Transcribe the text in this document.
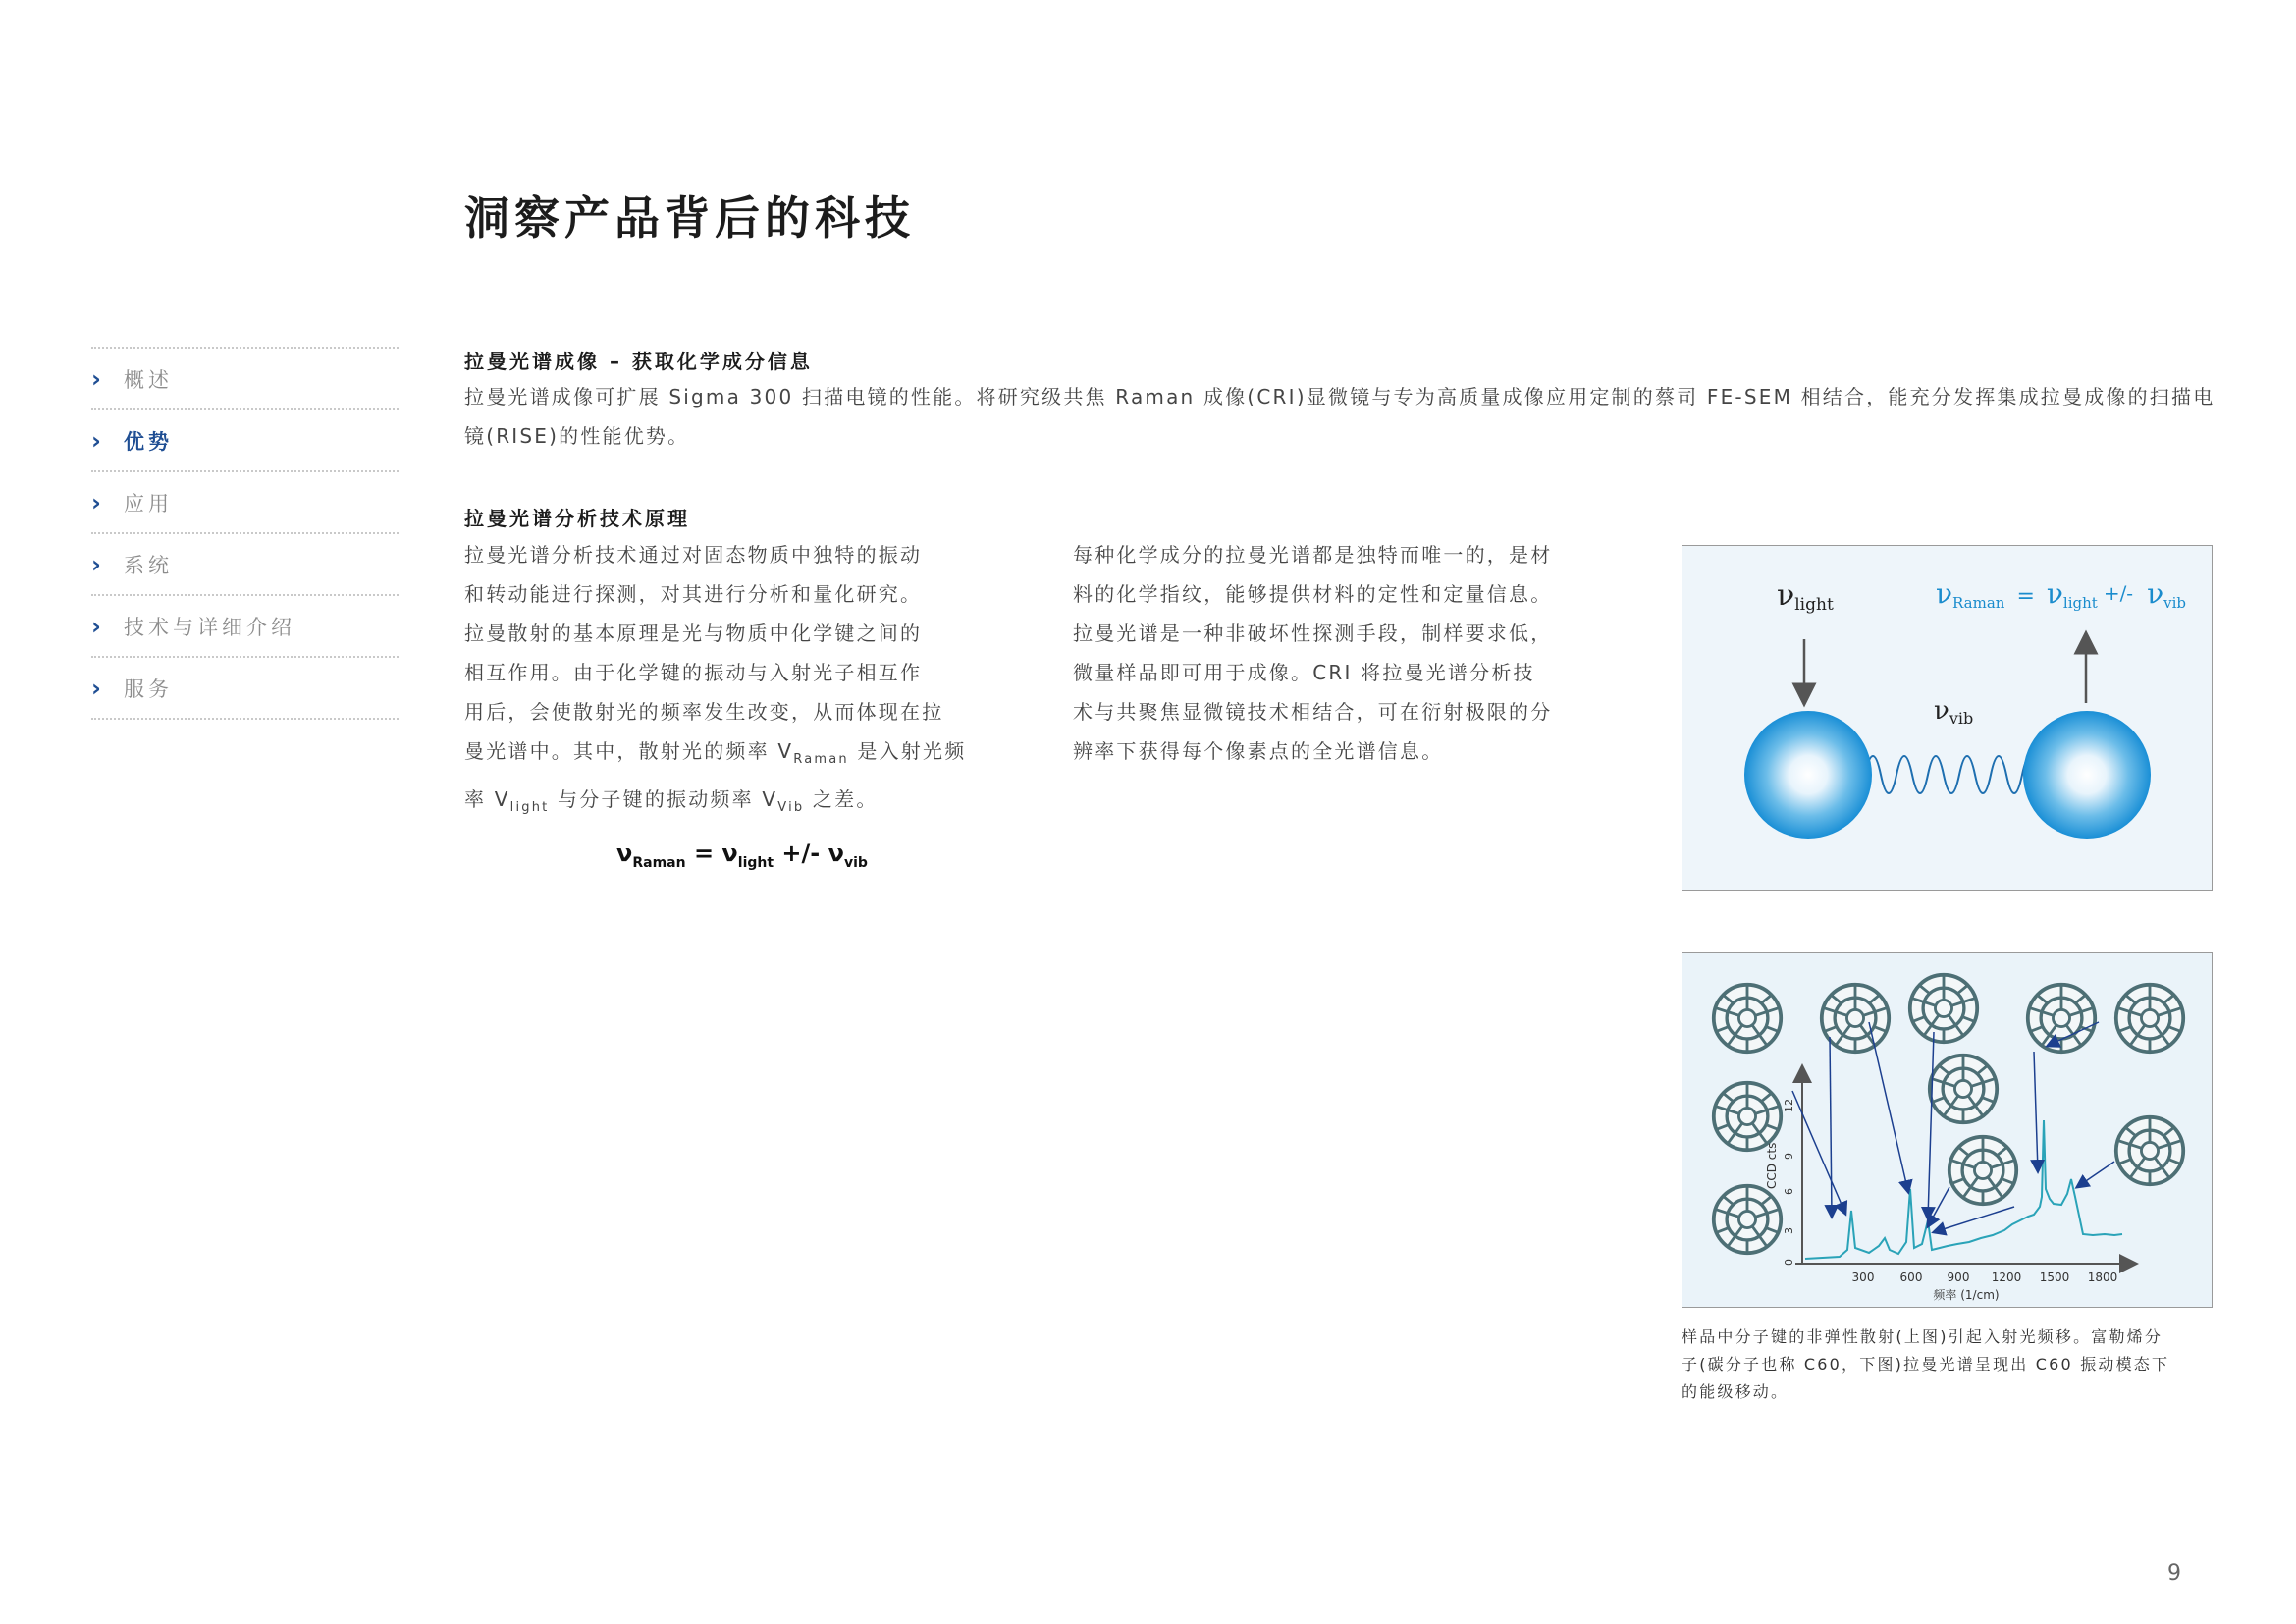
洞察产品背后的科技
›	概述
›	优势
›	应用
›	系统
›	技术与详细介绍
›	服务
拉曼光谱成像 – 获取化学成分信息

拉曼光谱成像可扩展 Sigma 300 扫描电镜的性能。将研究级共焦 Raman 成像(CRI)显微镜与专为高质量成像应用定制的蔡司 FE-SEM 相结合，能充分发挥集成拉曼成像的扫描电镜(RISE)的性能优势。

拉曼光谱分析技术原理

拉曼光谱分析技术通过对固态物质中独特的振动

和转动能进行探测，对其进行分析和量化研究。

拉曼散射的基本原理是光与物质中化学键之间的

相互作用。由于化学键的振动与入射光子相互作

用后，会使散射光的频率发生改变，从而体现在拉

曼光谱中。其中，散射光的频率 $V_{Raman}$ 是入射光频

率 $V_{light}$ 与分子键的振动频率 $V_{Vib}$ 之差。

每种化学成分的拉曼光谱都是独特而唯一的，是材

料的化学指纹，能够提供材料的定性和定量信息。

拉曼光谱是一种非破坏性探测手段，制样要求低，

微量样品即可用于成像。CRI 将拉曼光谱分析技

术与共聚焦显微镜技术相结合，可在衍射极限的分

辨率下获得每个像素点的全光谱信息。

$\nu_{Raman} = \nu_{light}$ +/- $\nu_{vib}$
νlight
νvib
νRaman = νlight +/- νvib
CCD cts
0
3
6
9
12
300 600 900 1200 1500 1800
频率 (1/cm)

样品中分子键的非弹性散射(上图)引起入射光频移。富勒烯分

子(碳分子也称 C60，下图)拉曼光谱呈现出 C60 振动模态下

的能级移动。

9
